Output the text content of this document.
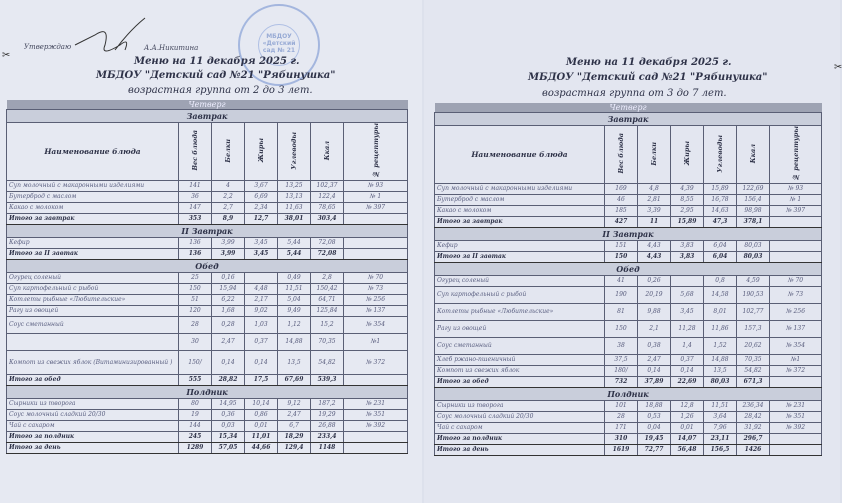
МБДОУ
«Детский
сад № 21
✂
Утверждаю	А.А.Никитина
Меню на 11 декабря 2025 г.
МБДОУ "Детский сад №21 "Рябинушка"
возрастная группа от 2 до 3 лет.
Четверг						
Завтрак						
Наименование блюда	Вес блюда	Белки	Жиры	Углеводы	Ккал	№ рецептуры
Суп молочный с макаронными изделиями	141	4	3,67	13,25	102,37	№ 93
Бутерброд с маслом	36	2,2	6,69	13,13	122,4	№ 1
Какао с молоком	147	2,7	2,34	11,63	78,65	№ 397
Итого за завтрак	353	8,9	12,7	38,01	303,4	
II Завтрак						
Кефир	136	3,99	3,45	5,44	72,08	
Итого за II завтак	136	3,99	3,45	5,44	72,08	
Обед						
Огурец соленый	25	0,16		0,49	2,8	№ 70
Суп картофельный с рыбой	150	15,94	4,48	11,51	150,42	№ 73
Котлеты рыбные «Любительские»	51	6,22	2,17	5,04	64,71	№ 256
Рагу из овощей	120	1,68	9,02	9,49	125,84	№ 137
Соус сметанный	28	0,28	1,03	1,12	15,2	№ 354
	30	2,47	0,37	14,88	70,35	№1
Компот из свежих яблок (Витаминизированный )	150/	0,14	0,14	13,5	54,82	№ 372
Итого за обед	555	28,82	17,5	67,69	539,3	
Полдник						
Сырники из творога	80	14,95	10,14	9,12	187,2	№ 231
Соус молочный сладкий 20/30	19	0,36	0,86	2,47	19,29	№ 351
Чай с сахаром	144	0,03	0,01	6,7	26,88	№ 392
Итого за полдник	245	15,34	11,01	18,29	233,4	
Итого за день	1289	57,05	44,66	129,4	1148	
✂
Меню на 11 декабря 2025 г.
МБДОУ "Детский сад №21 "Рябинушка"
возрастная группа от 3 до 7 лет.
Четверг						
Завтрак						
Наименование блюда	Вес блюда	Белки	Жиры	Углеводы	Ккал	№ рецептуры
Суп молочный с макаронными изделиями	169	4,8	4,39	15,89	122,69	№ 93
Бутерброд с маслом	46	2,81	8,55	16,78	156,4	№ 1
Какао с молоком	185	3,39	2,95	14,63	98,98	№ 397
Итого за завтрак	427	11	15,89	47,3	378,1	
II Завтрак						
Кефир	151	4,43	3,83	6,04	80,03	
Итого за II завтак	150	4,43	3,83	6,04	80,03	
Обед						
Огурец соленый	41	0,26		0,8	4,59	№ 70
Суп картофельный с рыбой	190	20,19	5,68	14,58	190,53	№ 73
Котлеты рыбные «Любительские»	81	9,88	3,45	8,01	102,77	№ 256
Рагу из овощей	150	2,1	11,28	11,86	157,3	№ 137
Соус сметанный	38	0,38	1,4	1,52	20,62	№ 354
Хлеб ржано-пшеничный	37,5	2,47	0,37	14,88	70,35	№1
Компот из свежих яблок	180/	0,14	0,14	13,5	54,82	№ 372
Итого за обед	732	37,89	22,69	80,03	671,3	
Полдник						
Сырники из творога	101	18,88	12,8	11,51	236,34	№ 231
Соус молочный сладкий 20/30	28	0,53	1,26	3,64	28,42	№ 351
Чай с сахаром	171	0,04	0,01	7,96	31,92	№ 392
Итого за полдник	310	19,45	14,07	23,11	296,7	
Итого за день	1619	72,77	56,48	156,5	1426	
